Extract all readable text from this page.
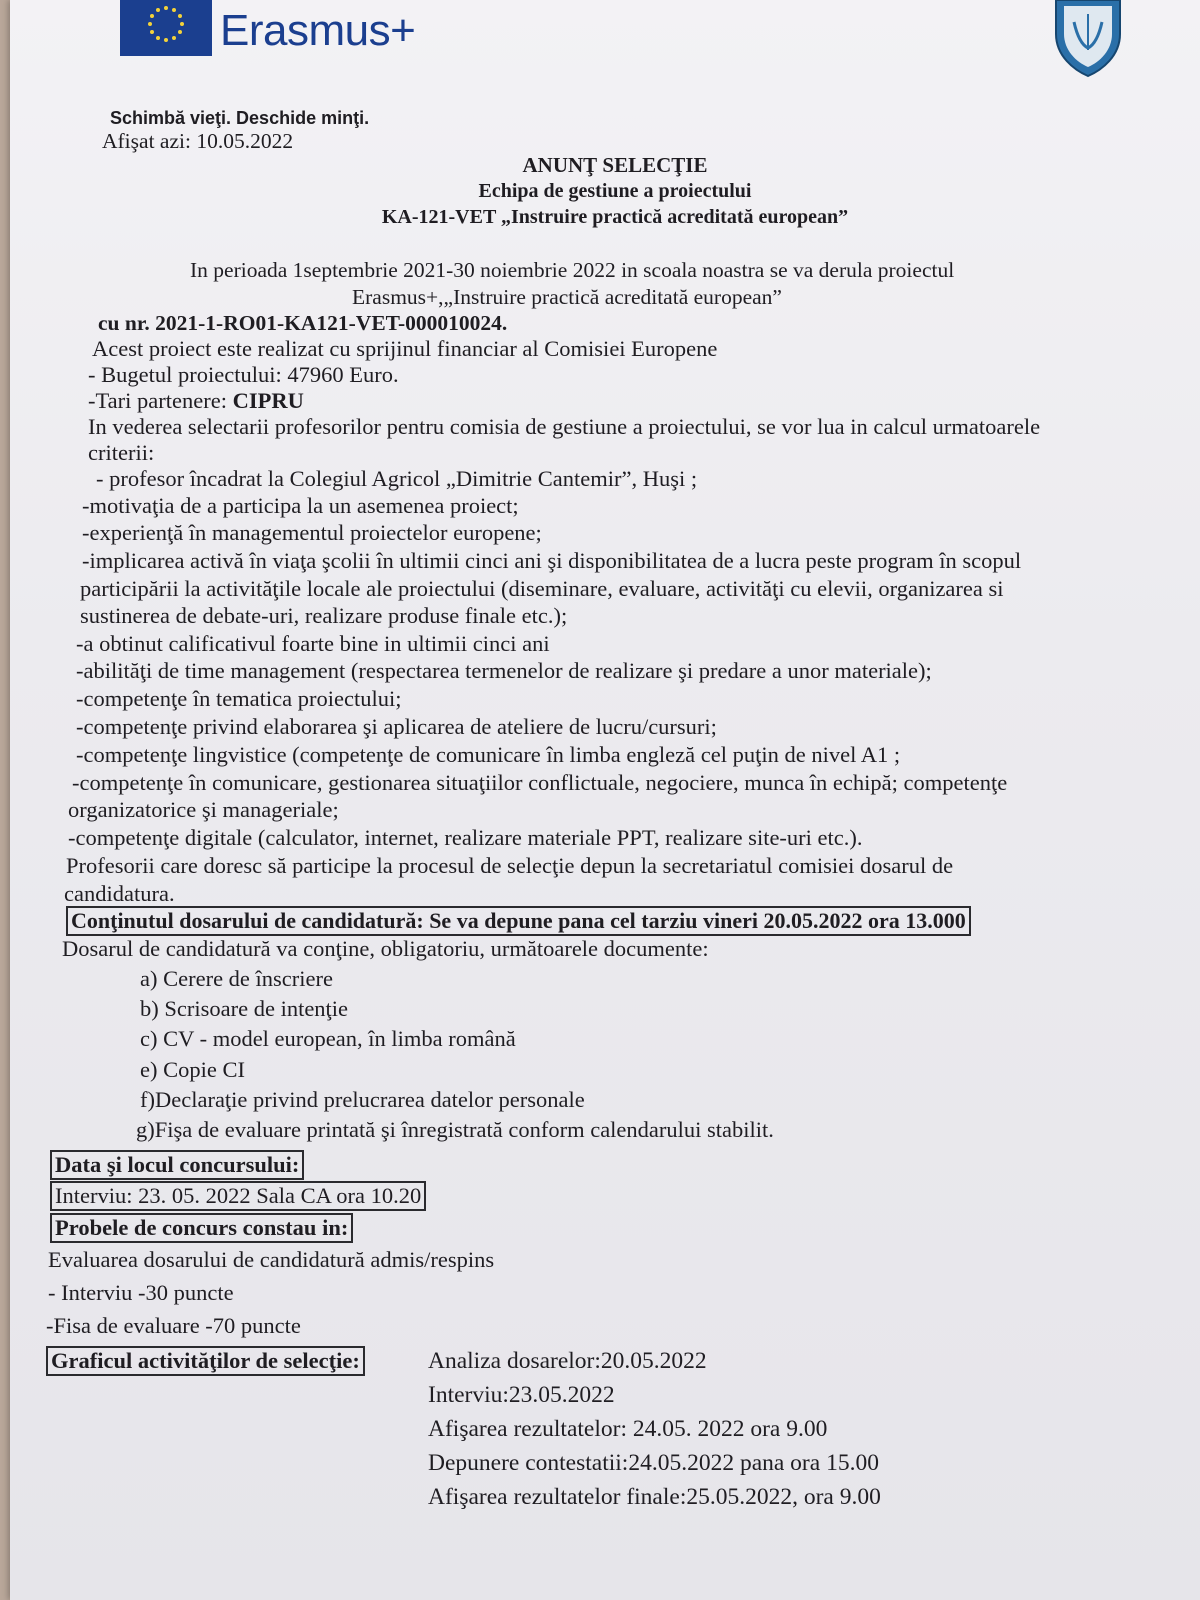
Erasmus+
Schimbă vieţi. Deschide minţi.
Afişat azi: 10.05.2022
ANUNŢ SELECŢIE
Echipa de gestiune a proiectului
KA-121-VET „Instruire practică acreditată european”
In perioada 1septembrie 2021-30 noiembrie 2022 in scoala noastra se va derula proiectul
Erasmus+,„Instruire practică acreditată european”
cu nr. 2021-1-RO01-KA121-VET-000010024.
Acest proiect este realizat cu sprijinul financiar al Comisiei Europene
- Bugetul proiectului: 47960 Euro.
-Tari partenere: CIPRU
In vederea selectarii profesorilor pentru comisia de gestiune a proiectului, se vor lua in calcul urmatoarele
criterii:
- profesor încadrat la Colegiul Agricol „Dimitrie Cantemir”, Huşi ;
-motivaţia de a participa la un asemenea proiect;
-experienţă în managementul proiectelor europene;
-implicarea activă în viaţa şcolii în ultimii cinci ani şi disponibilitatea de a lucra peste program în scopul
participării la activităţile locale ale proiectului (diseminare, evaluare, activităţi cu elevii, organizarea si
sustinerea de debate-uri, realizare produse finale etc.);
-a obtinut calificativul foarte bine in ultimii cinci ani
-abilităţi de time management (respectarea termenelor de realizare şi predare a unor materiale);
-competenţe în tematica proiectului;
-competenţe privind elaborarea şi aplicarea de ateliere de lucru/cursuri;
-competenţe lingvistice (competenţe de comunicare în limba engleză cel puţin de nivel A1 ;
-competenţe în comunicare, gestionarea situaţiilor conflictuale, negociere, munca în echipă; competenţe
organizatorice şi manageriale;
-competenţe digitale (calculator, internet, realizare materiale PPT, realizare site-uri etc.).
Profesorii care doresc să participe la procesul de selecţie depun la secretariatul comisiei dosarul de
candidatura.
Conţinutul dosarului de candidatură: Se va depune pana cel tarziu vineri 20.05.2022 ora 13.000
Dosarul de candidatură va conţine, obligatoriu, următoarele documente:
a) Cerere de înscriere
b) Scrisoare de intenţie
c) CV - model european, în limba română
e) Copie CI
f)Declaraţie privind prelucrarea datelor personale
g)Fişa de evaluare printată şi înregistrată conform calendarului stabilit.
Data şi locul concursului:
Interviu: 23. 05. 2022 Sala CA ora 10.20
Probele de concurs constau in:
Evaluarea dosarului de candidatură admis/respins
- Interviu -30 puncte
-Fisa de evaluare -70 puncte
Graficul activităţilor de selecţie:	Analiza dosarelor:20.05.2022
Interviu:23.05.2022
Afişarea rezultatelor: 24.05. 2022 ora 9.00
Depunere contestatii:24.05.2022 pana ora 15.00
Afişarea rezultatelor finale:25.05.2022, ora 9.00
